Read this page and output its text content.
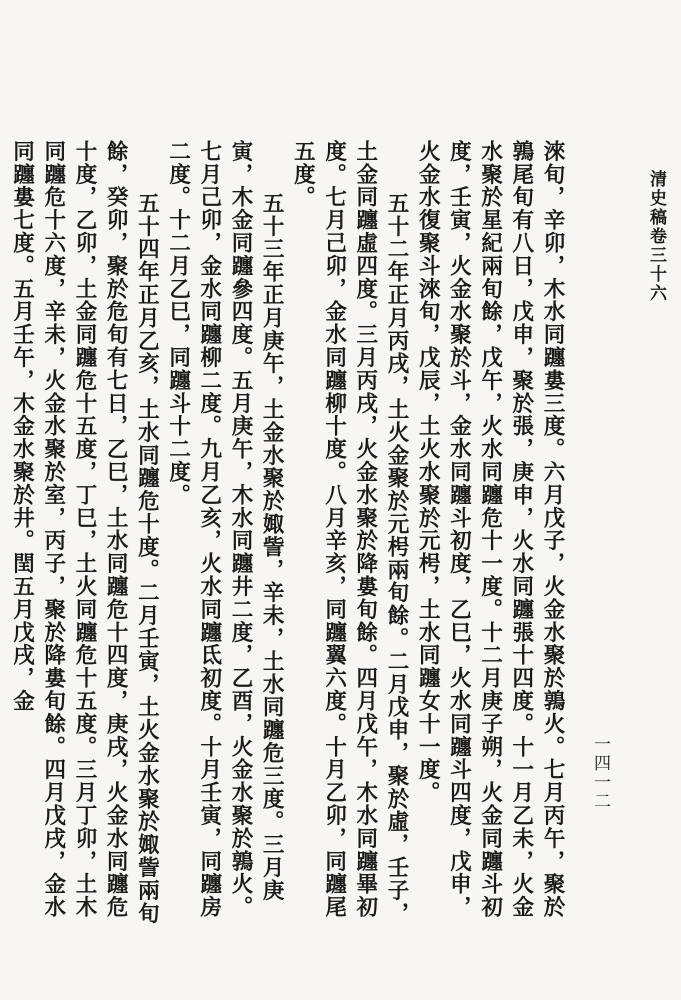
清史稿卷三十六
一四一二

淶旬，辛卯，木水同躔婁三度。六月戊子，火金水聚於鶉火。七月丙午，聚於鶉尾旬有八日，戊申，聚於張，庚申，火水同躔張十四度。十一月乙未，火金水聚於星紀兩旬餘，戊午，火水同躔危十一度。十二月庚子朔，火金同躔斗初度，壬寅，火金水聚於斗，金水同躔斗初度，乙巳，火水同躔斗四度，戊申，火金水復聚斗淶旬，戊辰，土火水聚於元枵，土水同躔女十一度。

五十二年正月丙戌，土火金聚於元枵兩旬餘。二月戊申，聚於虛，壬子，土金同躔虛四度。三月丙戌，火金水聚於降婁旬餘。四月戊午，木水同躔畢初度。七月己卯，金水同躔柳十度。八月辛亥，同躔翼六度。十月乙卯，同躔尾五度。

五十三年正月庚午，土金水聚於娵訾，辛未，土水同躔危三度。三月庚寅，木金同躔參四度。五月庚午，木水同躔井二度，乙酉，火金水聚於鶉火。七月己卯，金水同躔柳二度。九月乙亥，火水同躔氐初度。十月壬寅，同躔房二度。十二月乙巳，同躔斗十二度。

五十四年正月乙亥，土水同躔危十度。二月壬寅，土火金水聚於娵訾兩旬餘，癸卯，聚於危旬有七日，乙巳，土水同躔危十四度，庚戌，火金水同躔危十度，乙卯，土金同躔危十五度，丁巳，土火同躔危十五度。三月丁卯，土木同躔危十六度，辛未，火金水聚於室，丙子，聚於降婁旬餘。四月戊戌，金水同躔婁七度。五月壬午，木金水聚於井。閏五月戊戌，金
